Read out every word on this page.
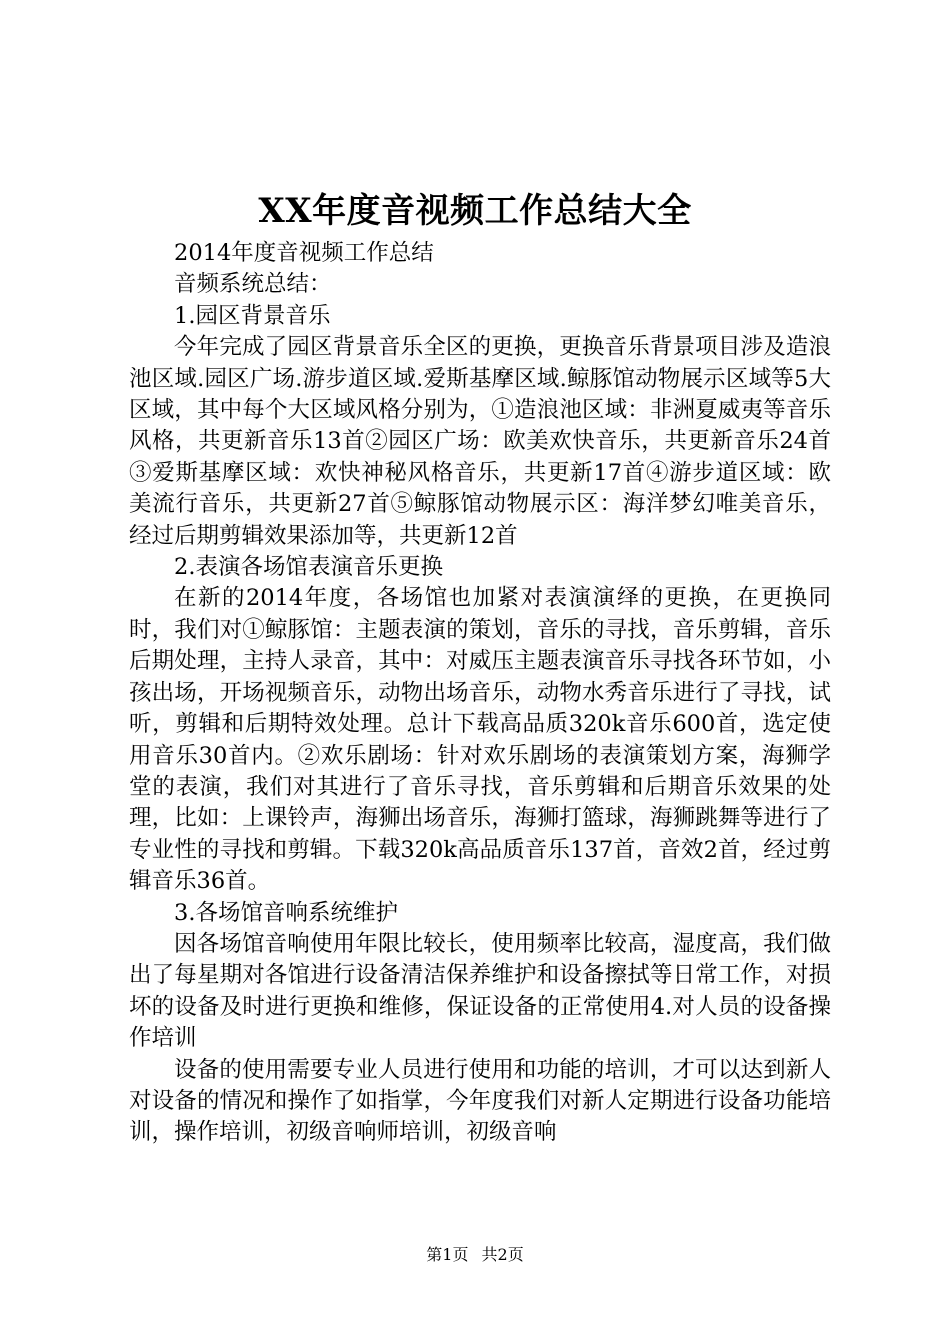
XX年度音视频工作总结大全

2014年度音视频工作总结

音频系统总结：

1.园区背景音乐

今年完成了园区背景音乐全区的更换，更换音乐背景项目涉及造浪池区域.园区广场.游步道区域.爱斯基摩区域.鲸豚馆动物展示区域等5大区域，其中每个大区域风格分别为，①造浪池区域：非洲夏威夷等音乐风格，共更新音乐13首②园区广场：欧美欢快音乐，共更新音乐24首③爱斯基摩区域：欢快神秘风格音乐，共更新17首④游步道区域：欧美流行音乐，共更新27首⑤鲸豚馆动物展示区：海洋梦幻唯美音乐，经过后期剪辑效果添加等，共更新12首

2.表演各场馆表演音乐更换

在新的2014年度，各场馆也加紧对表演演绎的更换，在更换同时，我们对①鲸豚馆：主题表演的策划，音乐的寻找，音乐剪辑，音乐后期处理，主持人录音，其中：对威压主题表演音乐寻找各环节如，小孩出场，开场视频音乐，动物出场音乐，动物水秀音乐进行了寻找，试听，剪辑和后期特效处理。总计下载高品质320k音乐600首，选定使用音乐30首内。②欢乐剧场：针对欢乐剧场的表演策划方案，海狮学堂的表演，我们对其进行了音乐寻找，音乐剪辑和后期音乐效果的处理，比如：上课铃声，海狮出场音乐，海狮打篮球，海狮跳舞等进行了专业性的寻找和剪辑。下载320k高品质音乐137首，音效2首，经过剪辑音乐36首。

3.各场馆音响系统维护

因各场馆音响使用年限比较长，使用频率比较高，湿度高，我们做出了每星期对各馆进行设备清洁保养维护和设备擦拭等日常工作，对损坏的设备及时进行更换和维修，保证设备的正常使用4.对人员的设备操作培训

设备的使用需要专业人员进行使用和功能的培训，才可以达到新人对设备的情况和操作了如指掌，今年度我们对新人定期进行设备功能培训，操作培训，初级音响师培训，初级音响

第1页 共2页
